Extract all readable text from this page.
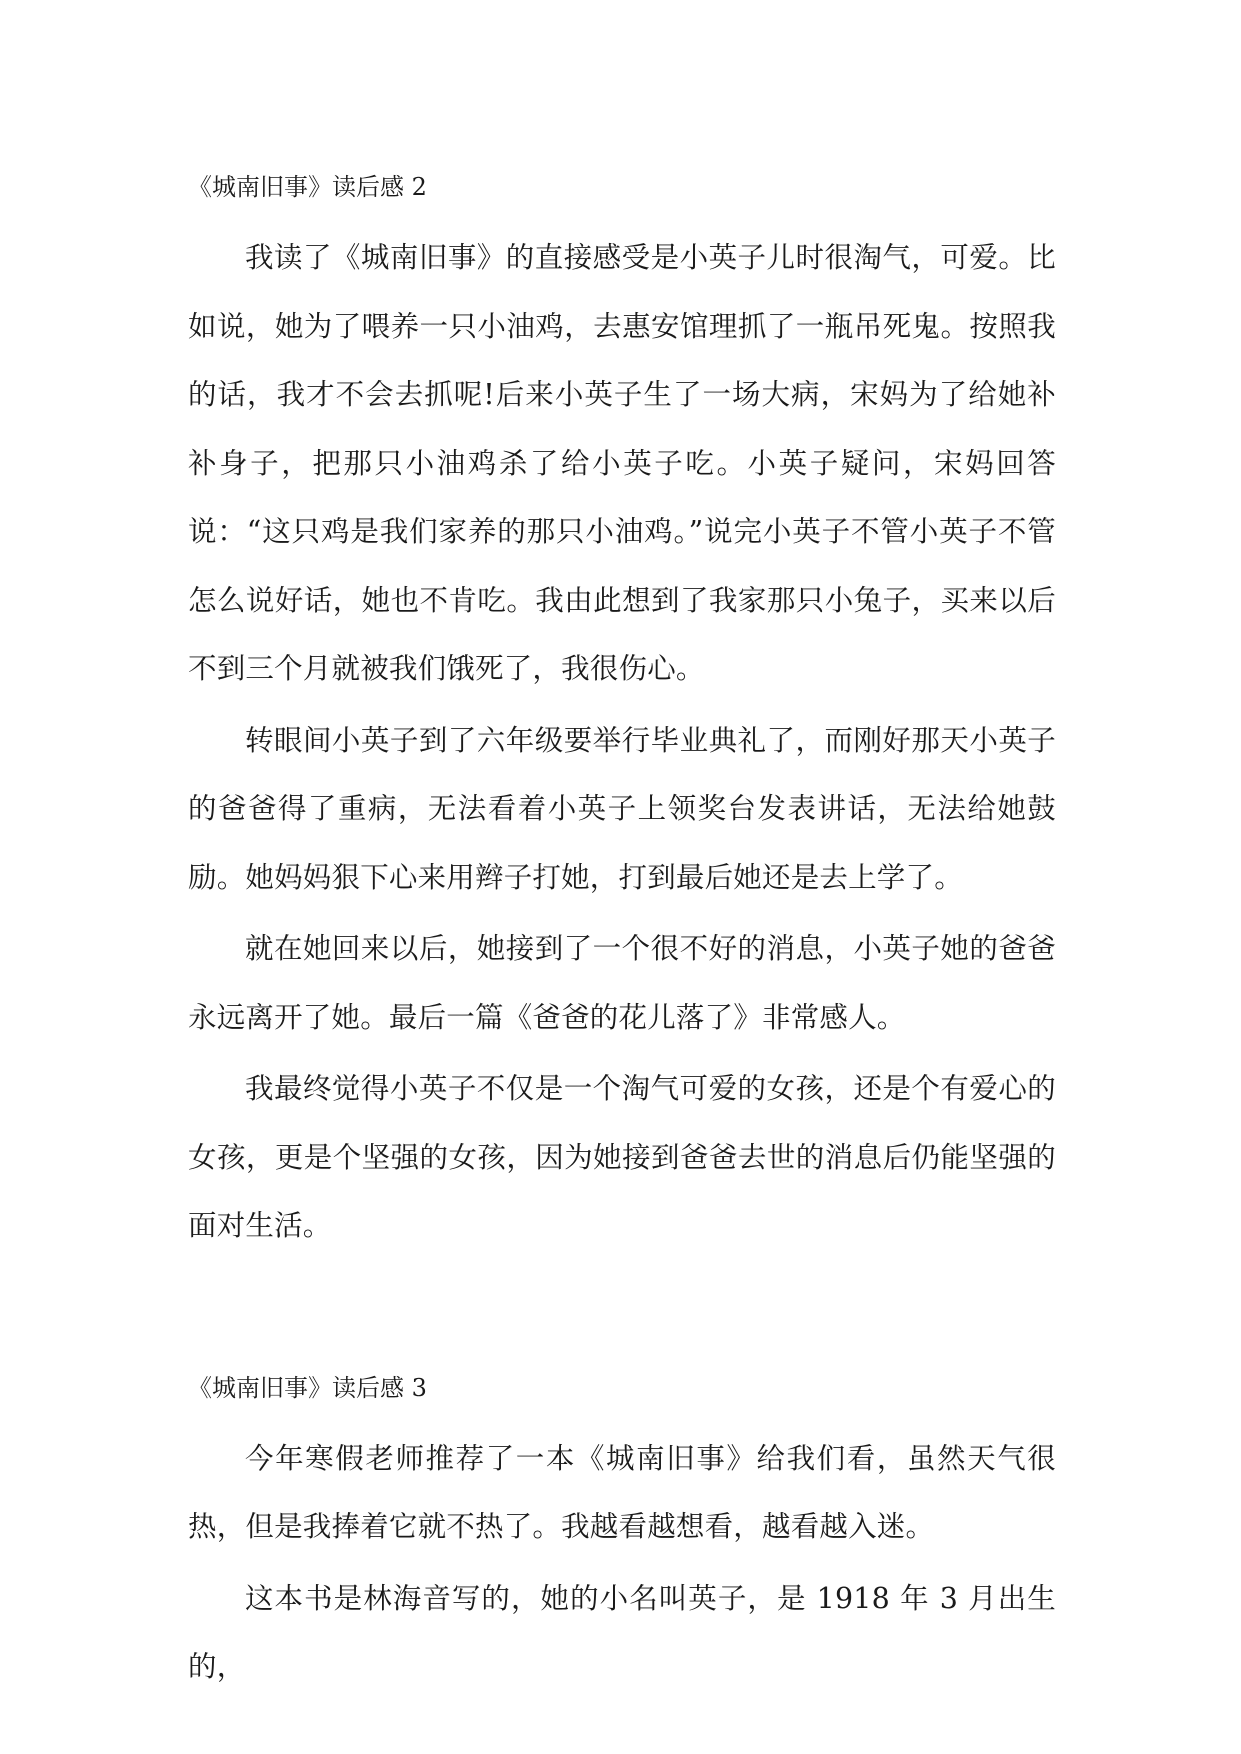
《城南旧事》读后感 2

我读了《城南旧事》的直接感受是小英子儿时很淘气，可爱。比如说，她为了喂养一只小油鸡，去惠安馆理抓了一瓶吊死鬼。按照我的话，我才不会去抓呢!后来小英子生了一场大病，宋妈为了给她补补身子，把那只小油鸡杀了给小英子吃。小英子疑问，宋妈回答说：“这只鸡是我们家养的那只小油鸡。”说完小英子不管小英子不管怎么说好话，她也不肯吃。我由此想到了我家那只小兔子，买来以后不到三个月就被我们饿死了，我很伤心。

转眼间小英子到了六年级要举行毕业典礼了，而刚好那天小英子的爸爸得了重病，无法看着小英子上领奖台发表讲话，无法给她鼓励。她妈妈狠下心来用辫子打她，打到最后她还是去上学了。

就在她回来以后，她接到了一个很不好的消息，小英子她的爸爸永远离开了她。最后一篇《爸爸的花儿落了》非常感人。

我最终觉得小英子不仅是一个淘气可爱的女孩，还是个有爱心的女孩，更是个坚强的女孩，因为她接到爸爸去世的消息后仍能坚强的面对生活。

《城南旧事》读后感 3

今年寒假老师推荐了一本《城南旧事》给我们看，虽然天气很热，但是我捧着它就不热了。我越看越想看，越看越入迷。

这本书是林海音写的，她的小名叫英子，是 1918 年 3 月出生的，
